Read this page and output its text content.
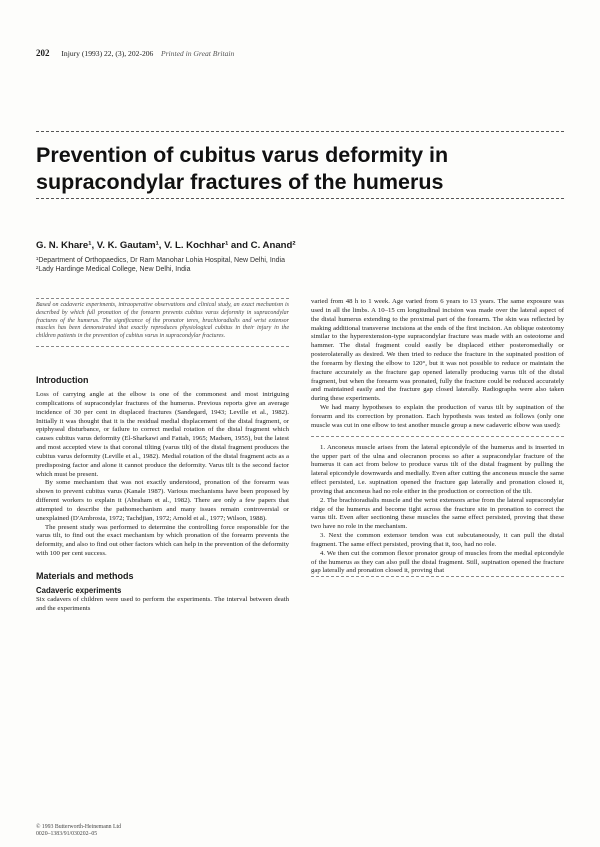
202 Injury (1993) 22, (3), 202-206 Printed in Great Britain
Prevention of cubitus varus deformity in supracondylar fractures of the humerus
G. N. Khare¹, V. K. Gautam¹, V. L. Kochhar¹ and C. Anand²
¹Department of Orthopaedics, Dr Ram Manohar Lohia Hospital, New Delhi, India
²Lady Hardinge Medical College, New Delhi, India

Based on cadaveric experiments, intraoperative observations and clinical study, an exact mechanism is described by which full pronation of the forearm prevents cubitus varus deformity in supracondylar fractures of the humerus. The significance of the pronator teres, brachioradialis and wrist extensor muscles has been demonstrated that exactly reproduces physiological cubitus in their injury in the children patients in the prevention of cubitus varus in supracondylar fractures.

Introduction

Loss of carrying angle at the elbow is one of the commonest and most intriguing complications of supracondylar fractures of the humerus. Previous reports give an average incidence of 30 per cent in displaced fractures (Sandegard, 1943; Leville et al., 1982). Initially it was thought that it is the residual medial displacement of the distal fragment, or epiphyseal disturbance, or failure to correct medial rotation of the distal fragment which causes cubitus varus deformity (El-Sharkawi and Fattah, 1965; Madsen, 1955), but the latest and most accepted view is that coronal tilting (varus tilt) of the distal fragment produces the cubitus varus deformity (Leville et al., 1982). Medial rotation of the distal fragment acts as a predisposing factor and alone it cannot produce the deformity. Varus tilt is the second factor which must be present.

By some mechanism that was not exactly understood, pronation of the forearm was shown to prevent cubitus varus (Kanale 1987). Various mechanisms have been proposed by different workers to explain it (Abraham et al., 1982). There are only a few papers that attempted to describe the pathomechanism and many issues remain controversial or unexplained (D'Ambrosia, 1972; Tachdjian, 1972; Arnold et al., 1977; Wilson, 1988).

The present study was performed to determine the controlling force responsible for the varus tilt, to find out the exact mechanism by which pronation of the forearm prevents the deformity, and also to find out other factors which can help in the prevention of the deformity with 100 per cent success.

Materials and methods
Cadaveric experiments

Six cadavers of children were used to perform the experiments. The interval between death and the experiments

varied from 48 h to 1 week. Age varied from 6 years to 13 years. The same exposure was used in all the limbs. A 10–15 cm longitudinal incision was made over the lateral aspect of the distal humerus extending to the proximal part of the forearm. The skin was reflected by making additional transverse incisions at the ends of the first incision. An oblique osteotomy similar to the hyperextension-type supracondylar fracture was made with an osteotome and hammer. The distal fragment could easily be displaced either posteromedially or posterolaterally as desired. We then tried to reduce the fracture in the supinated position of the forearm by flexing the elbow to 120°, but it was not possible to reduce or maintain the fracture accurately as the fracture gap opened laterally producing varus tilt of the distal fragment, but when the forearm was pronated, fully the fracture could be reduced accurately and maintained easily and the fracture gap closed laterally. Radiographs were also taken during these experiments.

We had many hypotheses to explain the production of varus tilt by supination of the forearm and its correction by pronation. Each hypothesis was tested as follows (only one muscle was cut in one elbow to test another muscle group a new cadaveric elbow was used):

1. Anconeus muscle arises from the lateral epicondyle of the humerus and is inserted in the upper part of the ulna and olecranon process so after a supracondylar fracture of the humerus it can act from below to produce varus tilt of the distal fragment by pulling the lateral epicondyle downwards and medially. Even after cutting the anconeus muscle the same effect persisted, i.e. supination opened the fracture gap laterally and pronation closed it, proving that anconeus had no role either in the production or correction of the tilt.

2. The brachioradialis muscle and the wrist extensors arise from the lateral supracondylar ridge of the humerus and become tight across the fracture site in pronation to correct the varus tilt. Even after sectioning these muscles the same effect persisted, proving that these two have no role in the mechanism.

3. Next the common extensor tendon was cut subcutaneously, it can pull the distal fragment. The same effect persisted, proving that it, too, had no role.

4. We then cut the common flexor pronator group of muscles from the medial epicondyle of the humerus as they can also pull the distal fragment. Still, supination opened the fracture gap laterally and pronation closed it, proving that

© 1993 Butterworth-Heinemann Ltd
0020–1383/91/030202–05
